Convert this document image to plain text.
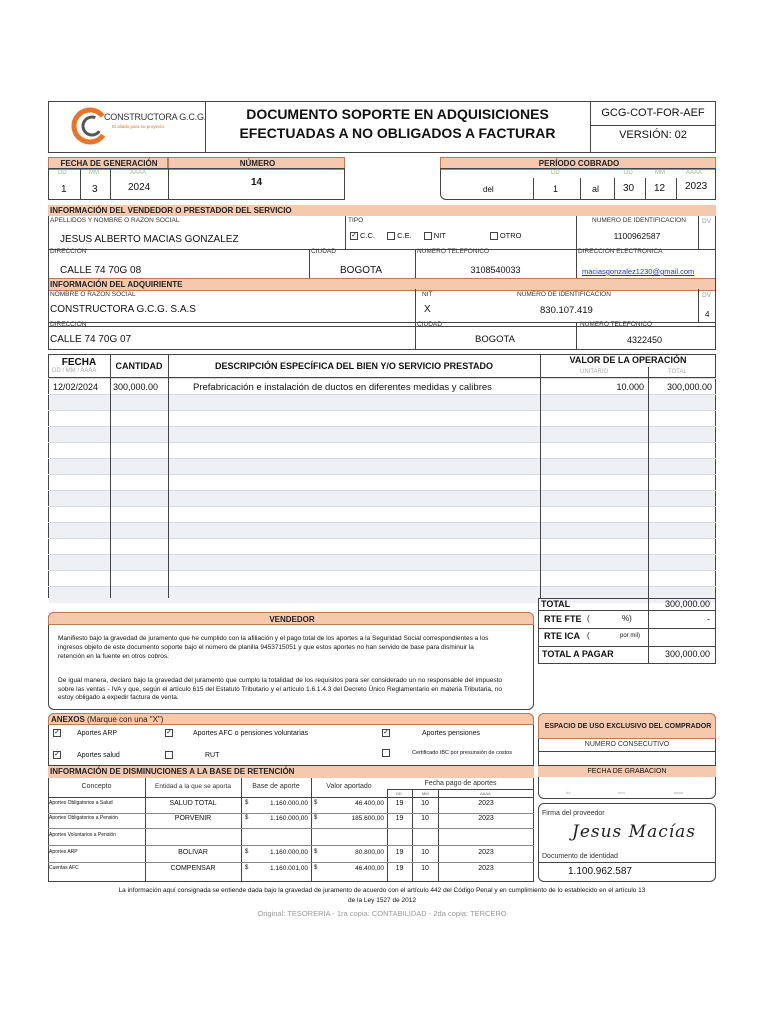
CONSTRUCTORA G.C.G.
El aliado para su proyecto
DOCUMENTO SOPORTE EN ADQUISICIONES
EFECTUADAS A NO OBLIGADOS A FACTURAR
GCG-COT-FOR-AEF
VERSIÓN: 02
FECHA DE GENERACIÓN	NÚMERO	PERÍODO COBRADO
DD	MM	AAAA
1	3	2024	14
DD	DD	MM	AAAA
del	1	al 30 12 2023
INFORMACIÓN DEL VENDEDOR O PRESTADOR DEL SERVICIO
APELLIDOS Y NOMBRE O RAZON SOCIAL	TIPO	NUMERO DE IDENTIFICACION DV
JESUS ALBERTO MACIAS GONZALEZ	✓ C.C.	C.E.	NIT	OTRO	1100962587
DIRECCION	CIUDAD	NUMERO TELEFONICO	DIRECCION ELECTRONICA
CALLE 74 70G 08	BOGOTA	3108540033	maciasgonzalez1230@gmail.com
INFORMACIÓN DEL ADQUIRIENTE
NOMBRE O RAZON SOCIAL	NIT	NUMERO DE IDENTIFICACION	DV
CONSTRUCTORA G.C.G. S.A.S	X	830.107.419	4
DIRECCION	CIUDAD	NUMERO TELEFONICO
CALLE 74 70G 07	BOGOTA	4322450
FECHA
DD / MM / AAAA	CANTIDAD	DESCRIPCIÓN ESPECÍFICA DEL BIEN Y/O SERVICIO PRESTADO
VALOR DE LA OPERACIÓN
UNITARIO	TOTAL
12/02/2024 300,000.00	Prefabricación e instalación de ductos en diferentes medidas y calibres	10.000	300,000.00
TOTAL	300,000.00
RTE FTE (	%)	-
RTE ICA (	por mil)
TOTAL A PAGAR	300,000.00
VENDEDOR
Manifiesto bajo la gravedad de juramento que he cumplido con la afiliación y el pago total de los aportes a la Seguridad Social correspondientes a los ingresos objeto de este documento soporte bajo el número de planilla 9453715051 y que estos aportes no han servido de base para disminuir la retención en la fuente en otros cobros.
De igual manera, declaro bajo la gravedad del juramento que cumplo la totalidad de los requisitos para ser considerado un no responsable del impuesto sobre las ventas - IVA y que, según el artículo 615 del Estatuto Tributario y el artículo 1.6.1.4.3 del Decreto Único Reglamentario en materia Tributaria, no estoy obligado a expedir factura de venta.
ANEXOS (Marque con una "X")
✓ Aportes ARP	✓	Aportes AFC o pensiones voluntarias	✓	Aportes pensiones
✓ Aportes salud	RUT	Certificado IBC por presunsión de costos
ESPACIO DE USO EXCLUSIVO DEL COMPRADOR
NUMERO CONSECUTIVO
FECHA DE GRABACION
dd	mm	aaaa
INFORMACIÓN DE DISMINUCIONES A LA BASE DE RETENCIÓN
Concepto	Entidad a la que se aporta	Base de aporte	Valor aportado	Fecha pago de aportes
DD	MM	AAAA
Aportes Obligatorios a Salud	SALUD TOTAL	$	1.160.000,00 $	46.400,00	19	10	2023
Aportes Obligatorios a Pensión	PORVENIR	$	1.160.000,00 $	185.600,00	19	10	2023
Aportes Voluntarios a Pensión
Aportes ARP	BOLIVAR	$	1.160.000,00 $	80.800,00	19	10	2023
Cuentas AFC	COMPENSAR	$	1.160.001,00 $	46.400,00	19	10	2023
Firma del proveedor
Jesus Macías
Documento de identidad
1.100.962.587
La información aquí consignada se entiende dada bajo la gravedad de juramento de acuerdo con el artículo 442 del Código Penal y en cumplimiento de lo establecido en el artículo 13
de la Ley 1527 de 2012
Original: TESORERIA - 1ra copia: CONTABILIDAD - 2da copia: TERCERO
